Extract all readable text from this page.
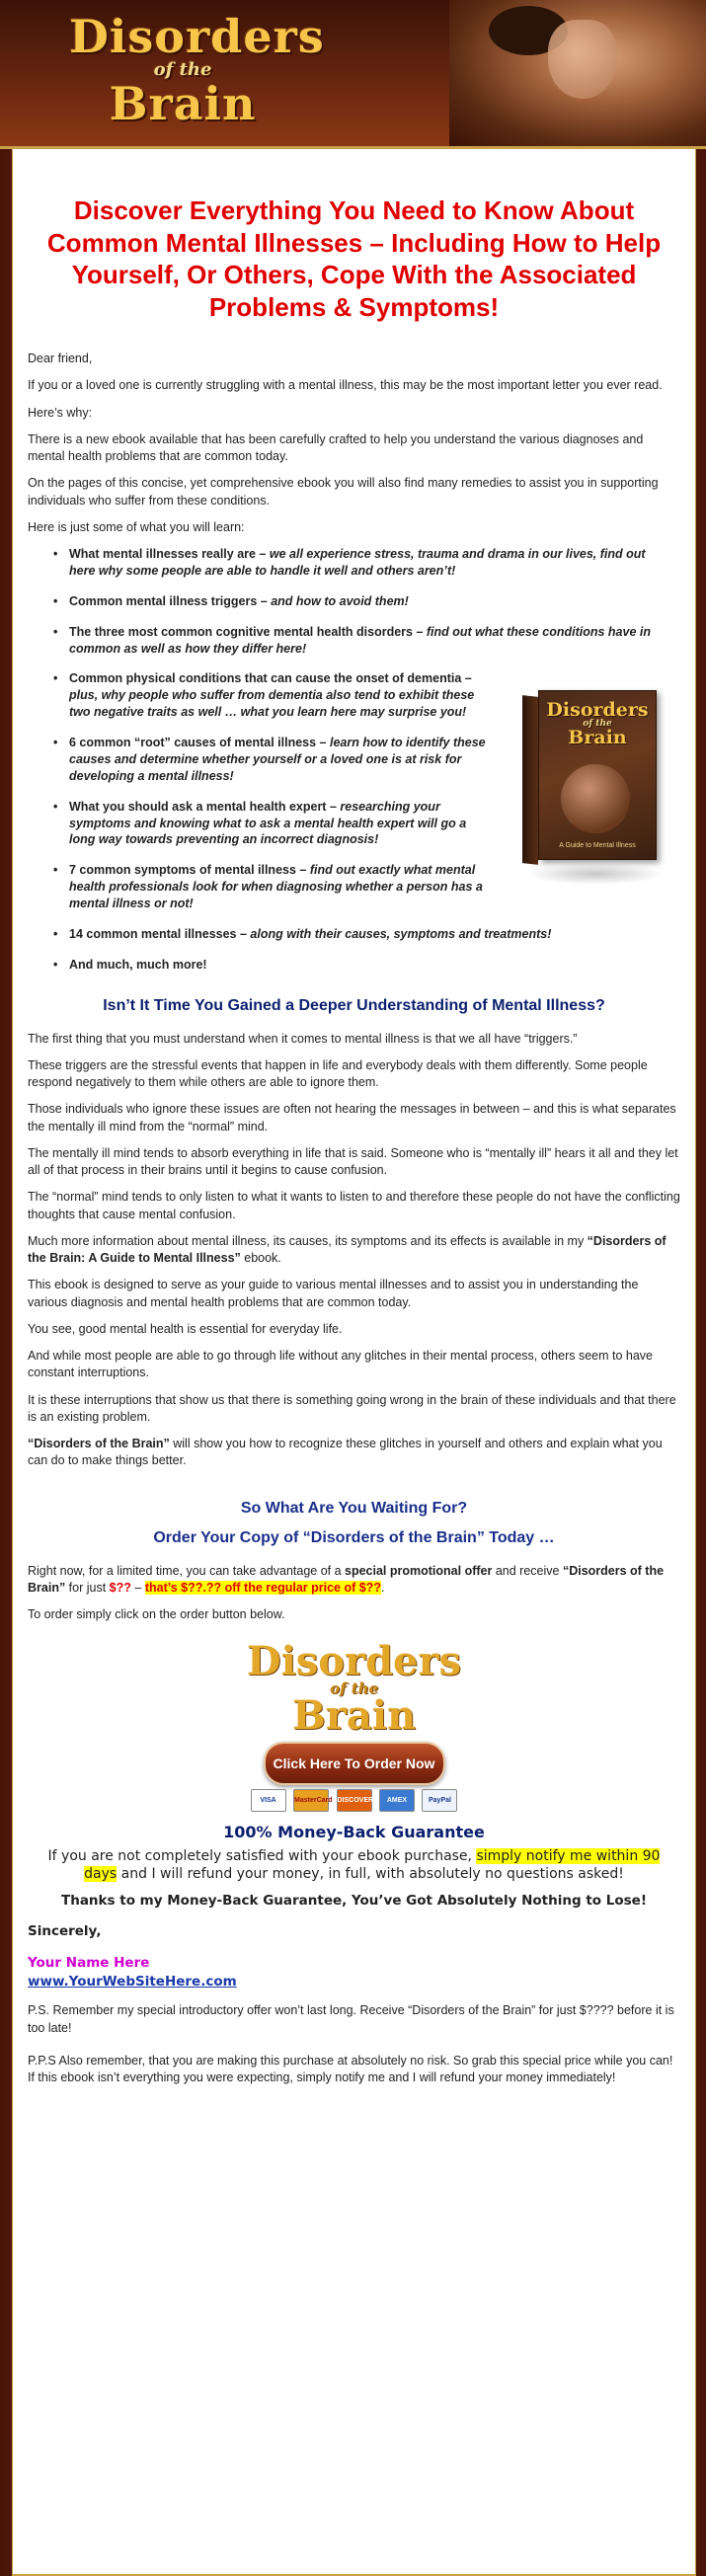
Disorders
of the
Brain
Discover Everything You Need to Know About Common Mental Illnesses – Including How to Help Yourself, Or Others, Cope With the Associated Problems & Symptoms!

Dear friend,

If you or a loved one is currently struggling with a mental illness, this may be the most important letter you ever read.

Here’s why:

There is a new ebook available that has been carefully crafted to help you understand the various diagnoses and mental health problems that are common today.

On the pages of this concise, yet comprehensive ebook you will also find many remedies to assist you in supporting individuals who suffer from these conditions.

Here is just some of what you will learn:

• What mental illnesses really are – we all experience stress, trauma and drama in our lives, find out here why some people are able to handle it well and others aren’t!
• Common mental illness triggers – and how to avoid them!
• The three most common cognitive mental health disorders – find out what these conditions have in common as well as how they differ here!
• Common physical conditions that can cause the onset of dementia – plus, why people who suffer from dementia also tend to exhibit these two negative traits as well … what you learn here may surprise you!
• 6 common “root” causes of mental illness – learn how to identify these causes and determine whether yourself or a loved one is at risk for developing a mental illness!
• What you should ask a mental health expert – researching your symptoms and knowing what to ask a mental health expert will go a long way towards preventing an incorrect diagnosis!
• 7 common symptoms of mental illness – find out exactly what mental health professionals look for when diagnosing whether a person has a mental illness or not!
• 14 common mental illnesses – along with their causes, symptoms and treatments!
• And much, much more!
Disorders
of the
Brain
A Guide to Mental Illness
Isn’t It Time You Gained a Deeper Understanding of Mental Illness?

The first thing that you must understand when it comes to mental illness is that we all have “triggers.”

These triggers are the stressful events that happen in life and everybody deals with them differently. Some people respond negatively to them while others are able to ignore them.

Those individuals who ignore these issues are often not hearing the messages in between – and this is what separates the mentally ill mind from the “normal” mind.

The mentally ill mind tends to absorb everything in life that is said. Someone who is “mentally ill” hears it all and they let all of that process in their brains until it begins to cause confusion.

The “normal” mind tends to only listen to what it wants to listen to and therefore these people do not have the conflicting thoughts that cause mental confusion.

Much more information about mental illness, its causes, its symptoms and its effects is available in my “Disorders of the Brain: A Guide to Mental Illness” ebook.

This ebook is designed to serve as your guide to various mental illnesses and to assist you in understanding the various diagnosis and mental health problems that are common today.

You see, good mental health is essential for everyday life.

And while most people are able to go through life without any glitches in their mental process, others seem to have constant interruptions.

It is these interruptions that show us that there is something going wrong in the brain of these individuals and that there is an existing problem.

“Disorders of the Brain” will show you how to recognize these glitches in yourself and others and explain what you can do to make things better.

So What Are You Waiting For?
Order Your Copy of “Disorders of the Brain” Today …

Right now, for a limited time, you can take advantage of a special promotional offer and receive “Disorders of the Brain” for just $?? – that’s $??.?? off the regular price of $??.

To order simply click on the order button below.

Disorders
of the
Brain
Click Here To Order Now
VISA	MasterCard DISCOVER AMEX	PayPal
100% Money-Back Guarantee

If you are not completely satisfied with your ebook purchase, simply notify me within 90 days and I will refund your money, in full, with absolutely no questions asked!

Thanks to my Money-Back Guarantee, You’ve Got Absolutely Nothing to Lose!

Sincerely,

Your Name Here

www.YourWebSiteHere.com

P.S. Remember my special introductory offer won’t last long. Receive “Disorders of the Brain” for just $???? before it is too late!

P.P.S Also remember, that you are making this purchase at absolutely no risk. So grab this special price while you can! If this ebook isn’t everything you were expecting, simply notify me and I will refund your money immediately!
